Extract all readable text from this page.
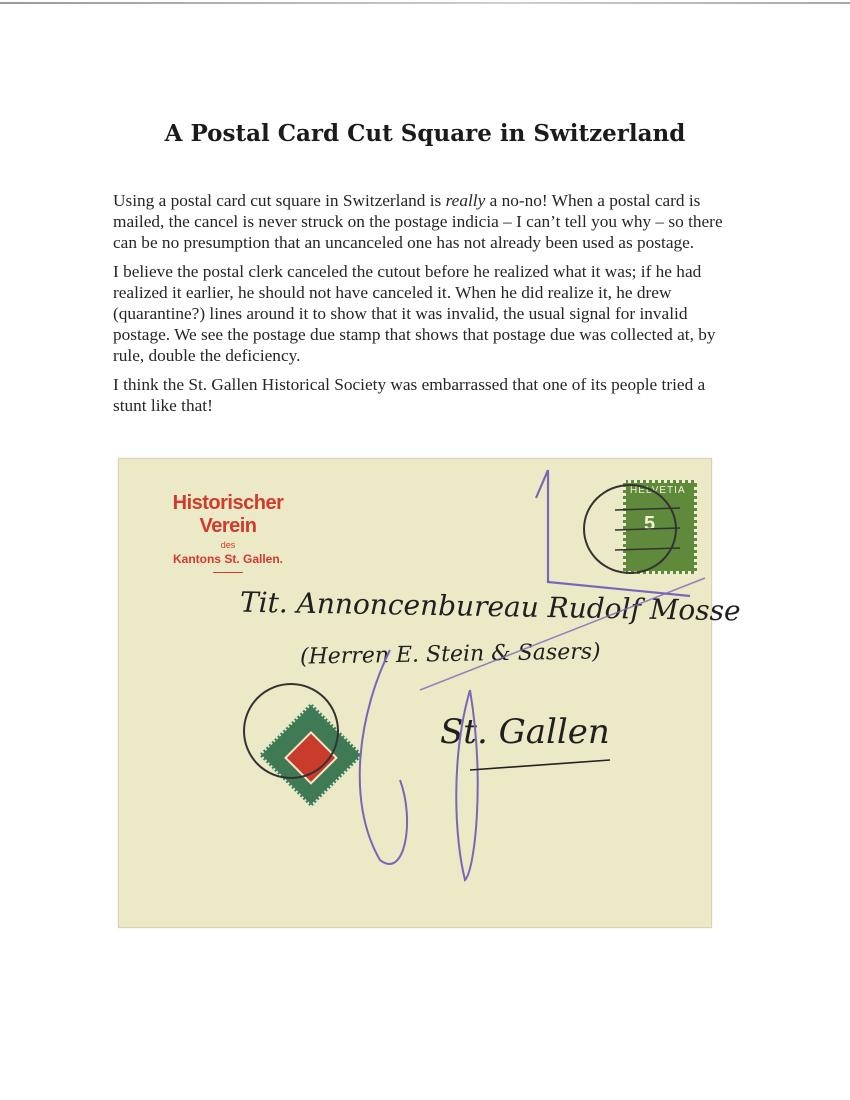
A Postal Card Cut Square in Switzerland

Using a postal card cut square in Switzerland is really a no-no! When a postal card is mailed, the cancel is never struck on the postage indicia – I can’t tell you why – so there can be no presumption that an uncanceled one has not already been used as postage.

I believe the postal clerk canceled the cutout before he realized what it was; if he had realized it earlier, he should not have canceled it. When he did realize it, he drew (quarantine?) lines around it to show that it was invalid, the usual signal for invalid postage. We see the postage due stamp that shows that postage due was collected at, by rule, double the deficiency.

I think the St. Gallen Historical Society was embarrassed that one of its people tried a stunt like that!

Historischer Verein
des
Kantons St. Gallen.
HELVETIA
5
Tit. Annoncenbureau Rudolf Mosse
(Herren E. Stein & Sasers)
St. Gallen
